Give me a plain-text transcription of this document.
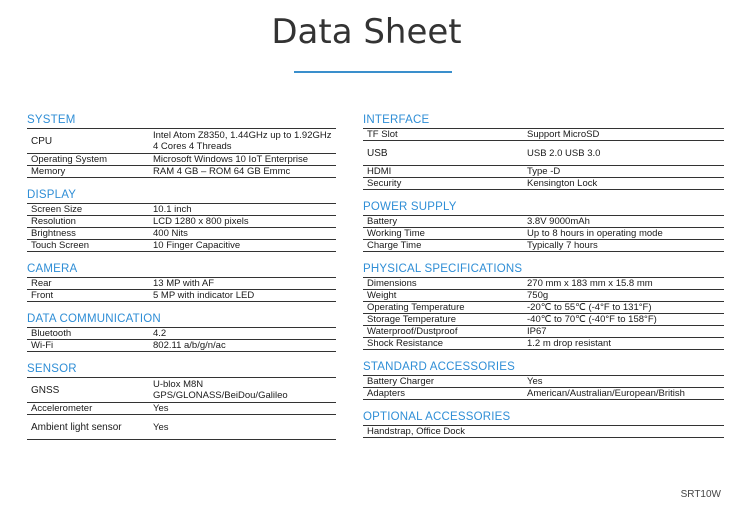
Data Sheet
SYSTEM
CPU	Intel Atom Z8350, 1.44GHz up to 1.92GHz 4 Cores 4 Threads
Operating System	Microsoft Windows 10 IoT Enterprise
Memory	RAM 4 GB – ROM 64 GB Emmc
DISPLAY
Screen Size	10.1 inch
Resolution	LCD 1280 x 800 pixels
Brightness	400 Nits
Touch Screen	10 Finger Capacitive
CAMERA
Rear	13 MP with AF
Front	5 MP with indicator LED
DATA COMMUNICATION
Bluetooth	4.2
Wi-Fi	802.11 a/b/g/n/ac
SENSOR
GNSS	U-blox M8N GPS/GLONASS/BeiDou/Galileo
Accelerometer	Yes
Ambient light sensor	Yes
INTERFACE
TF Slot	Support MicroSD
USB	USB 2.0 USB 3.0
HDMI	Type -D
Security	Kensington Lock
POWER SUPPLY
Battery	3.8V 9000mAh
Working Time	Up to 8 hours in operating mode
Charge Time	Typically 7 hours
PHYSICAL SPECIFICATIONS
Dimensions	270 mm x 183 mm x 15.8 mm
Weight	750g
Operating Temperature	-20℃ to 55℃ (-4°F to 131°F)
Storage Temperature	-40℃ to 70℃ (-40°F to 158°F)
Waterproof/Dustproof	IP67
Shock Resistance	1.2 m drop resistant
STANDARD ACCESSORIES
Battery Charger	Yes
Adapters	American/Australian/European/British
OPTIONAL ACCESSORIES
Handstrap, Office Dock
SRT10W
